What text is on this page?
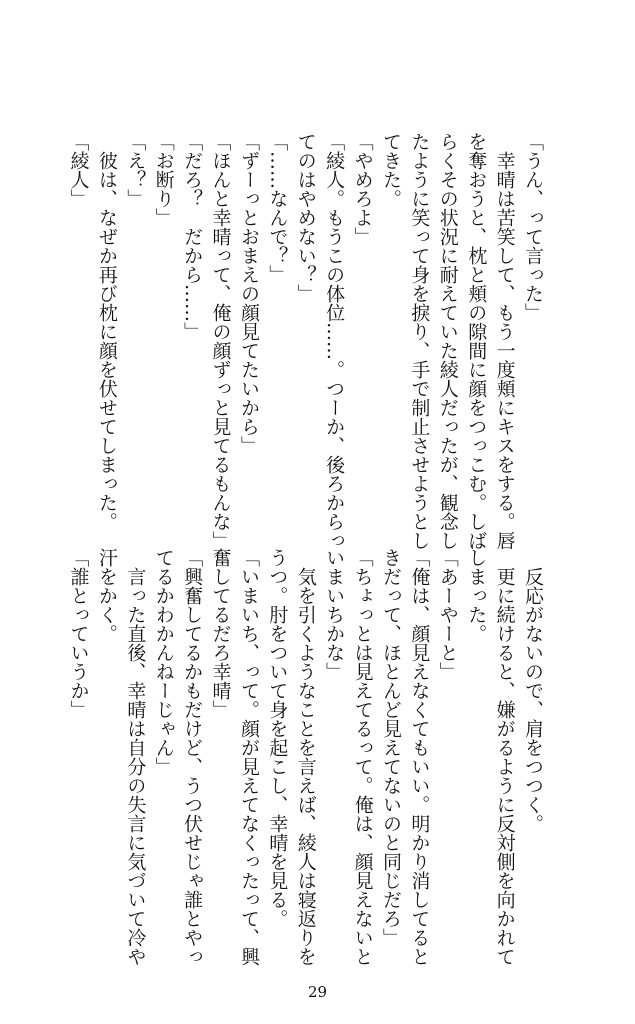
「うん、って言った」
　幸晴は苦笑して、もう一度頬にキスをする。唇
を奪おうと、枕と頬の隙間に顔をつっこむ。しば
らくその状況に耐えていた綾人だったが、観念し
たように笑って身を捩り、手で制止させようとし
てきた。
「やめろよ」
「綾人。もうこの体位……。つーか、後ろからっ
てのはやめない？」
「……なんで？」
「ずーっとおまえの顔見てたいから」
「ほんと幸晴って、俺の顔ずっと見てるもんな」
「だろ？　だから……」
「お断り」
「え？」
　彼は、なぜか再び枕に顔を伏せてしまった。
「綾人」
　反応がないので、肩をつつく。
　更に続けると、嫌がるように反対側を向かれて
しまった。
「あーやーと」
「俺は、顔見えなくてもいい。明かり消してると
きだって、ほとんど見えてないのと同じだろ」
「ちょっとは見えてるって。俺は、顔見えないと
いまいちかな」
　気を引くようなことを言えば、綾人は寝返りを
うつ。肘をついて身を起こし、幸晴を見る。
「いまいち、って。顔が見えてなくったって、興
奮してるだろ幸晴」
「興奮してるかもだけど、うつ伏せじゃ誰とやっ
てるかわかんねーじゃん」
　言った直後、幸晴は自分の失言に気づいて冷や
汗をかく。
「誰とっていうか」
29
